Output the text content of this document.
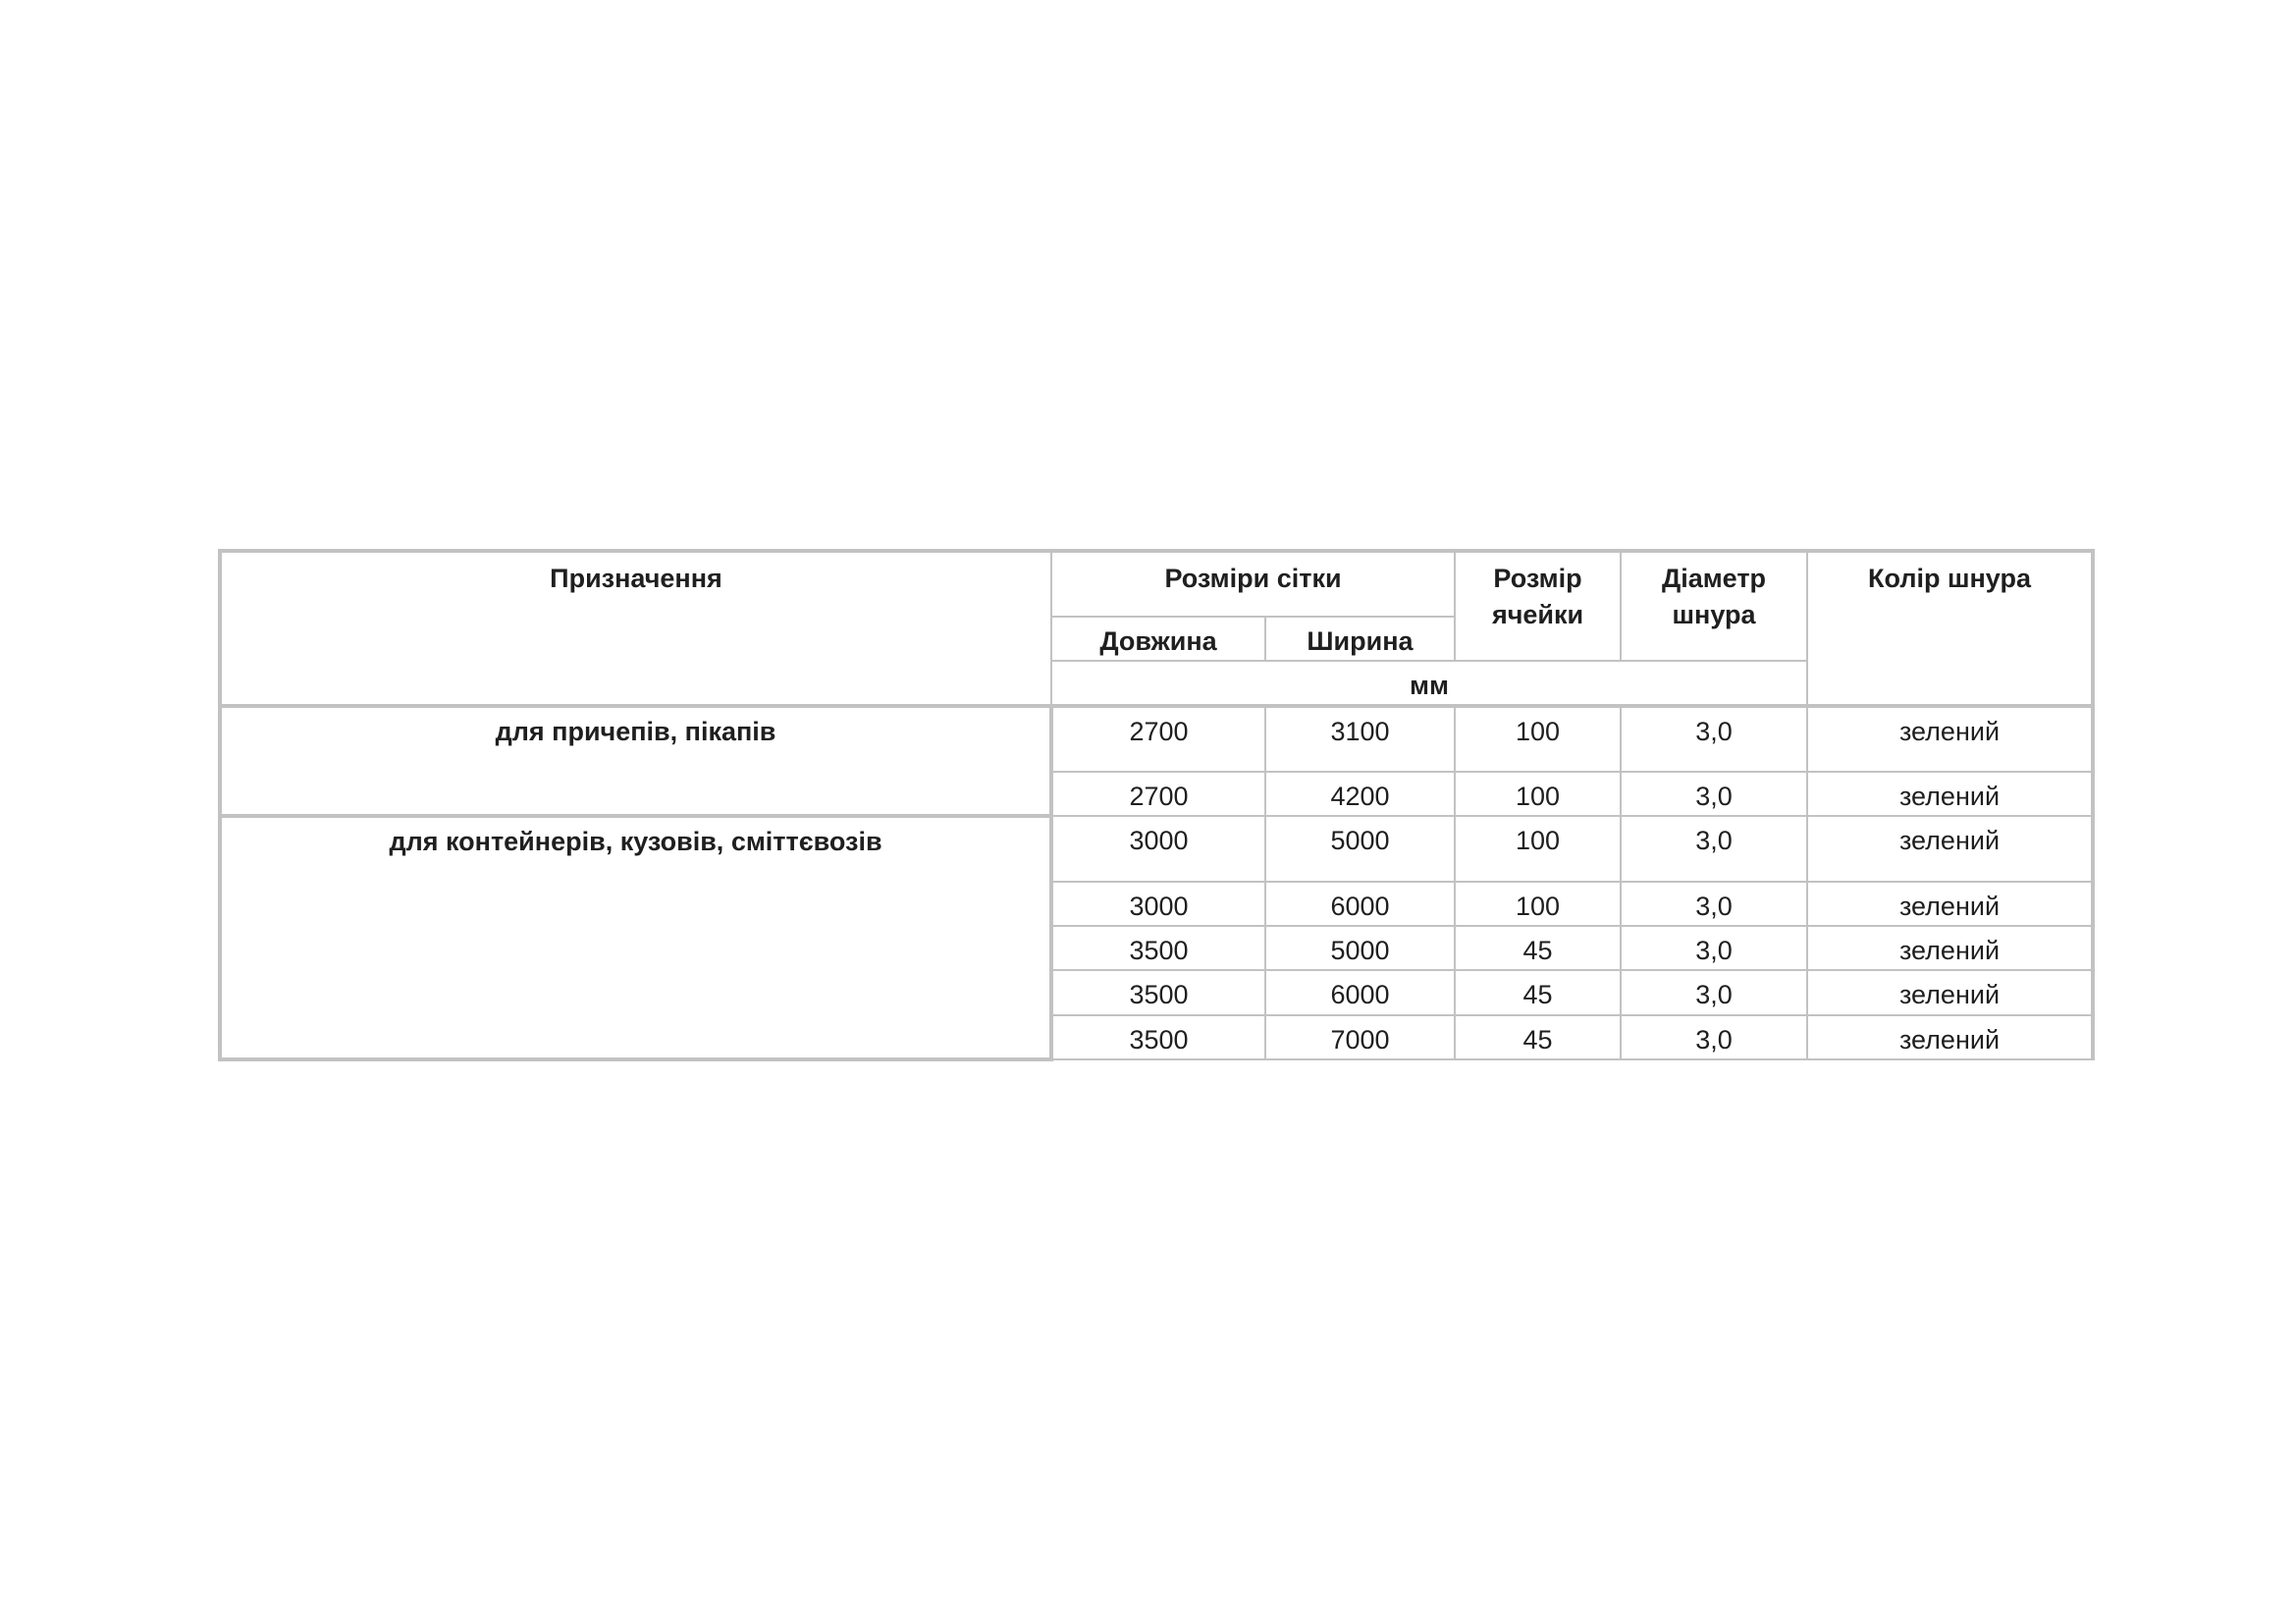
Призначення	Розміри сітки		Розмір ячейки	Діаметр шнура	Колір шнура

	Довжина	Ширина			

	мм				

для причепів, пікапів	2700	3100	100	3,0	зелений

	2700	4200	100	3,0	зелений

для контейнерів, кузовів, сміттєвозів	3000	5000	100	3,0	зелений

	3000	6000	100	3,0	зелений

	3500	5000	45	3,0	зелений

	3500	6000	45	3,0	зелений

	3500	7000	45	3,0	зелений
